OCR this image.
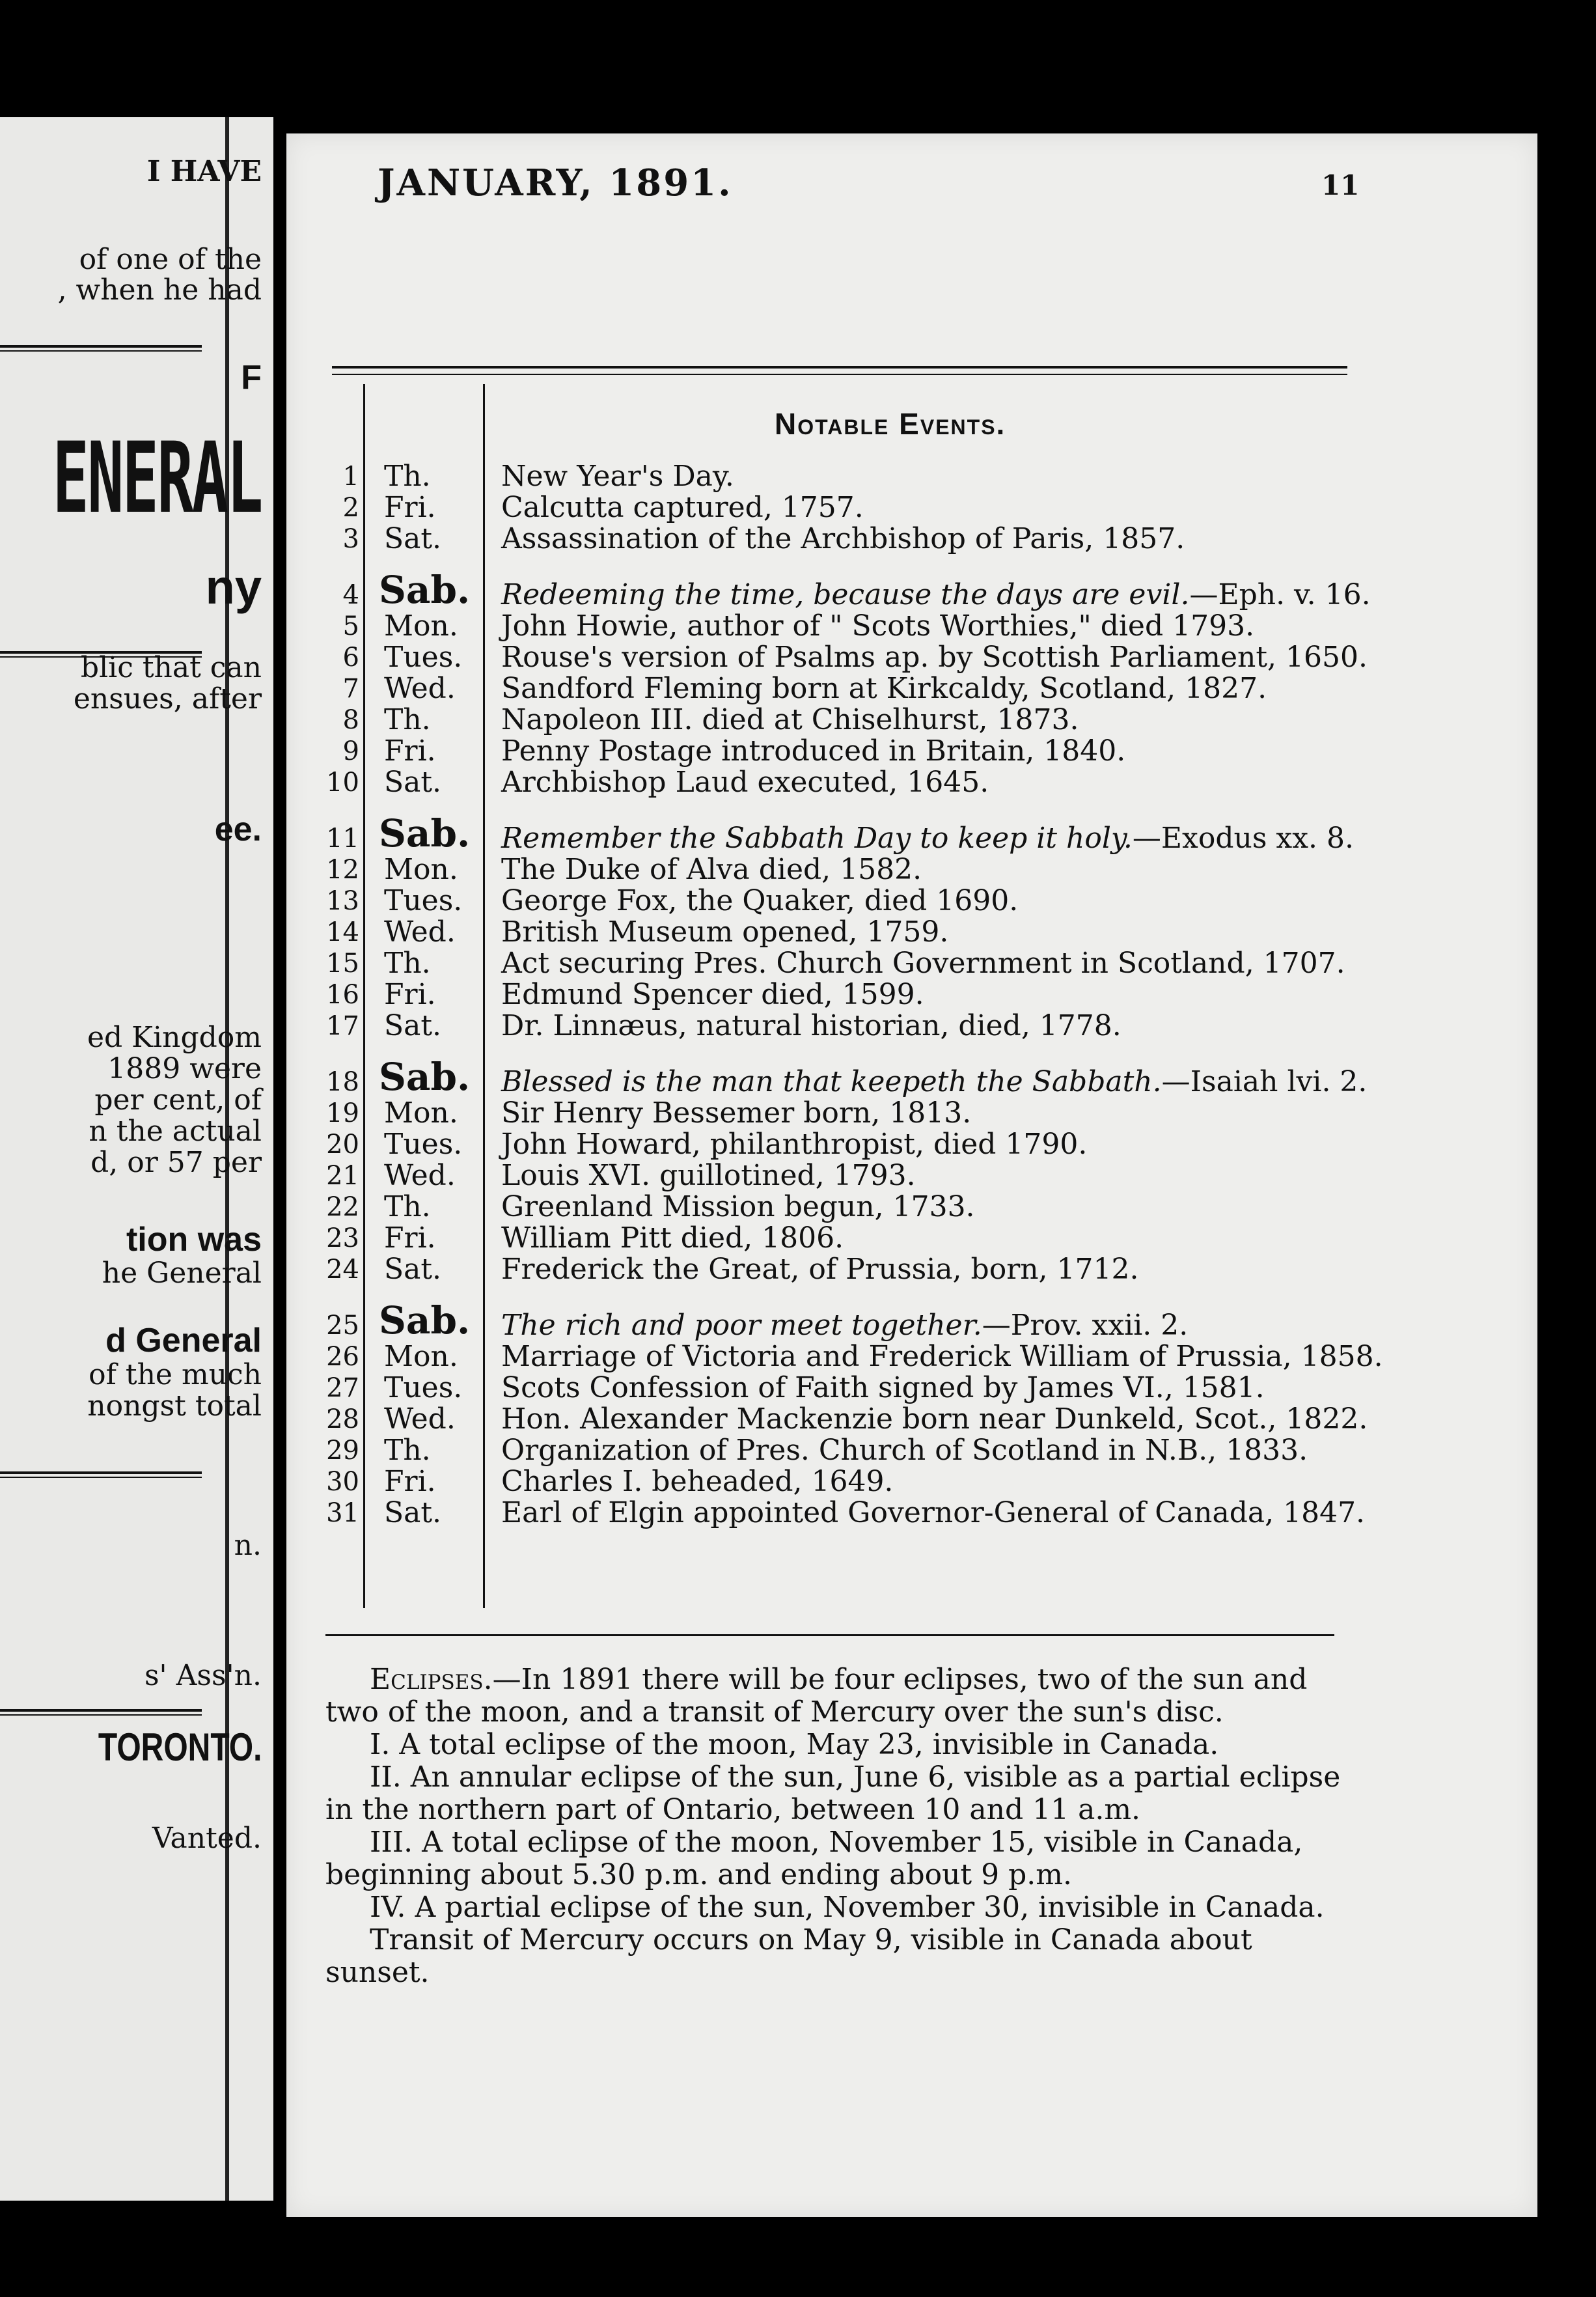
I HAVE
of one of the
, when he had
F
ENERAL
ny
blic that can
ensues, after
ee.
ed Kingdom
1889 were
per cent, of
n the actual
d, or 57 per
tion was
he General
d General
of the much
nongst total
n.
s' Ass'n.
TORONTO.
Vanted.
JANUARY, 1891.	11
Notable Events.
1 Th. New Year's Day.
2 Fri. Calcutta captured, 1757.
3 Sat. Assassination of the Archbishop of Paris, 1857.
4 Sab. Redeeming the time, because the days are evil.—Eph. v. 16.
5 Mon. John Howie, author of " Scots Worthies," died 1793.
6 Tues. Rouse's version of Psalms ap. by Scottish Parliament, 1650.
7 Wed. Sandford Fleming born at Kirkcaldy, Scotland, 1827.
8 Th. Napoleon III. died at Chiselhurst, 1873.
9 Fri. Penny Postage introduced in Britain, 1840.
10 Sat. Archbishop Laud executed, 1645.
11 Sab. Remember the Sabbath Day to keep it holy.—Exodus xx. 8.
12 Mon. The Duke of Alva died, 1582.
13 Tues. George Fox, the Quaker, died 1690.
14 Wed. British Museum opened, 1759.
15 Th. Act securing Pres. Church Government in Scotland, 1707.
16 Fri. Edmund Spencer died, 1599.
17 Sat. Dr. Linnæus, natural historian, died, 1778.
18 Sab. Blessed is the man that keepeth the Sabbath.—Isaiah lvi. 2.
19 Mon. Sir Henry Bessemer born, 1813.
20 Tues. John Howard, philanthropist, died 1790.
21 Wed. Louis XVI. guillotined, 1793.
22 Th. Greenland Mission begun, 1733.
23 Fri. William Pitt died, 1806.
24 Sat. Frederick the Great, of Prussia, born, 1712.
25 Sab. The rich and poor meet together.—Prov. xxii. 2.
26 Mon. Marriage of Victoria and Frederick William of Prussia, 1858.
27 Tues. Scots Confession of Faith signed by James VI., 1581.
28 Wed. Hon. Alexander Mackenzie born near Dunkeld, Scot., 1822.
29 Th. Organization of Pres. Church of Scotland in N.B., 1833.
30 Fri. Charles I. beheaded, 1649.
31 Sat. Earl of Elgin appointed Governor-General of Canada, 1847.

Eclipses.—In 1891 there will be four eclipses, two of the sun and two of the moon, and a transit of Mercury over the sun's disc.

I. A total eclipse of the moon, May 23, invisible in Canada.

II. An annular eclipse of the sun, June 6, visible as a partial eclipse in the northern part of Ontario, between 10 and 11 a.m.

III. A total eclipse of the moon, November 15, visible in Canada, beginning about 5.30 p.m. and ending about 9 p.m.

IV. A partial eclipse of the sun, November 30, invisible in Canada.

Transit of Mercury occurs on May 9, visible in Canada about sunset.
